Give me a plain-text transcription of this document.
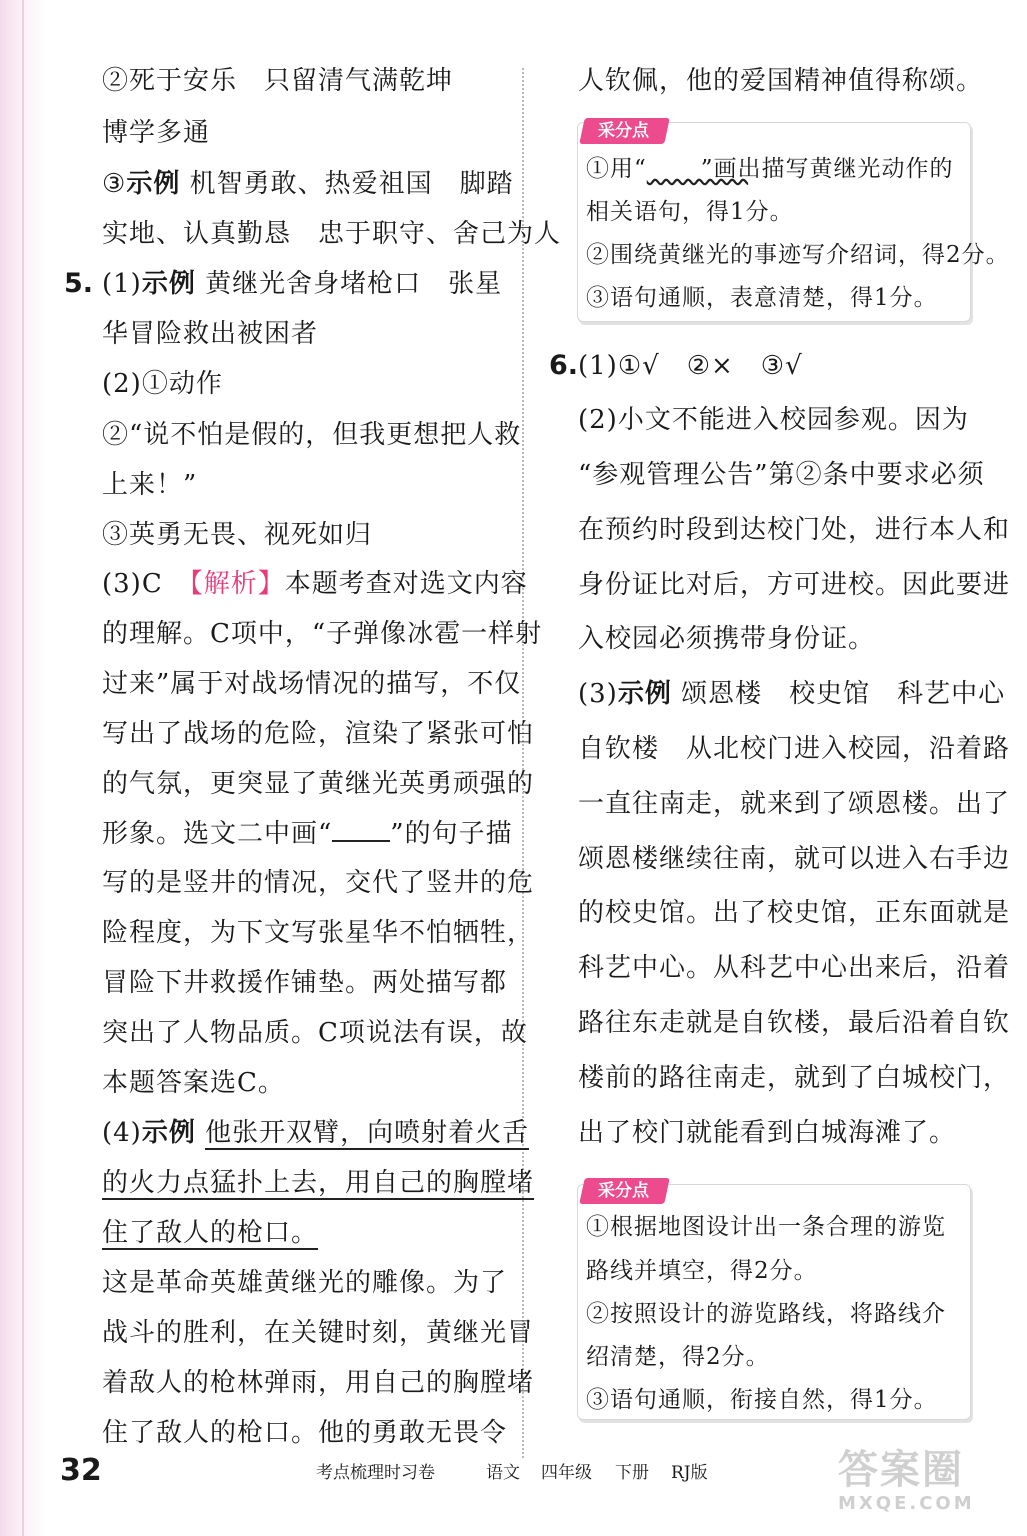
②死于安乐　只留清气满乾坤
博学多通
③示例 机智勇敢、热爱祖国　脚踏
实地、认真勤恳　忠于职守、舍己为人
5. (1)示例 黄继光舍身堵枪口　张星
华冒险救出被困者
(2)①动作
②“说不怕是假的，但我更想把人救
上来！”
③英勇无畏、视死如归
(3)C　【解析】本题考查对选文内容
的理解。C项中，“子弹像冰雹一样射
过来”属于对战场情况的描写，不仅
写出了战场的危险，渲染了紧张可怕
的气氛，更突显了黄继光英勇顽强的
形象。选文二中画“ ”的句子描
写的是竖井的情况，交代了竖井的危
险程度，为下文写张星华不怕牺牲，
冒险下井救援作铺垫。两处描写都
突出了人物品质。C项说法有误，故
本题答案选C。
(4)示例 他张开双臂，向喷射着火舌
的火力点猛扑上去，用自己的胸膛堵
住了敌人的枪口。
这是革命英雄黄继光的雕像。为了
战斗的胜利，在关键时刻，黄继光冒
着敌人的枪林弹雨，用自己的胸膛堵
住了敌人的枪口。他的勇敢无畏令
人钦佩，他的爱国精神值得称颂。
采分点
①用“ ”画出描写黄继光动作的
相关语句，得1分。
②围绕黄继光的事迹写介绍词，得2分。
③语句通顺，表意清楚，得1分。
6. (1)①√　②×　③√
(2)小文不能进入校园参观。因为
“参观管理公告”第②条中要求必须
在预约时段到达校门处，进行本人和
身份证比对后，方可进校。因此要进
入校园必须携带身份证。
(3)示例 颂恩楼　校史馆　科艺中心
自钦楼　从北校门进入校园，沿着路
一直往南走，就来到了颂恩楼。出了
颂恩楼继续往南，就可以进入右手边
的校史馆。出了校史馆，正东面就是
科艺中心。从科艺中心出来后，沿着
路往东走就是自钦楼，最后沿着自钦
楼前的路往南走，就到了白城校门，
出了校门就能看到白城海滩了。
采分点
①根据地图设计出一条合理的游览
路线并填空，得2分。
②按照设计的游览路线，将路线介
绍清楚，得2分。
③语句通顺，衔接自然，得1分。
32	考点梳理时习卷	语文 四年级 下册 RJ版	答案圈
MXQE.COM
